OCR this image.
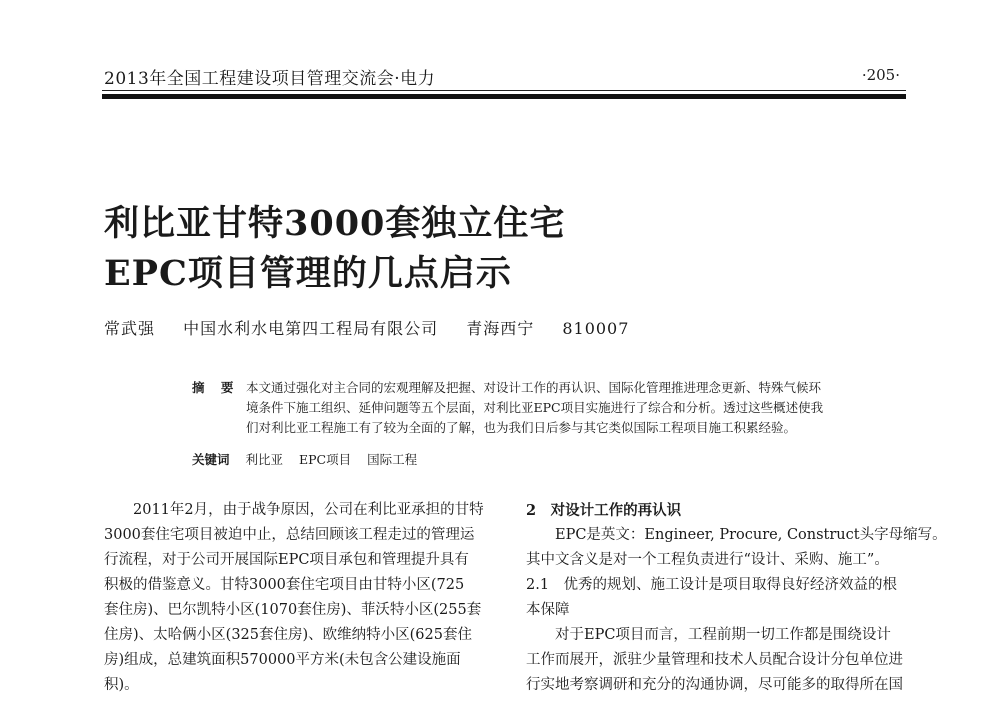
2013年全国工程建设项目管理交流会·电力	·205·
利比亚甘特3000套独立住宅
EPC项目管理的几点启示
常武强 中国水利水电第四工程局有限公司 青海西宁 810007
摘 要 本文通过强化对主合同的宏观理解及把握、对设计工作的再认识、国际化管理推进理念更新、特殊气候环
境条件下施工组织、延伸问题等五个层面，对利比亚EPC项目实施进行了综合和分析。透过这些概述使我
们对利比亚工程施工有了较为全面的了解，也为我们日后参与其它类似国际工程项目施工积累经验。
关键词 利比亚 EPC项目 国际工程
2011年2月，由于战争原因，公司在利比亚承担的甘特
3000套住宅项目被迫中止，总结回顾该工程走过的管理运
行流程，对于公司开展国际EPC项目承包和管理提升具有
积极的借鉴意义。甘特3000套住宅项目由甘特小区(725
套住房)、巴尔凯特小区(1070套住房)、菲沃特小区(255套
住房)、太哈俩小区(325套住房)、欧维纳特小区(625套住
房)组成，总建筑面积570000平方米(未包含公建设施面
积)。
2　对设计工作的再认识
EPC是英文：Engineer, Procure, Construct头字母缩写。
其中文含义是对一个工程负责进行“设计、采购、施工”。
2.1　优秀的规划、施工设计是项目取得良好经济效益的根
本保障
对于EPC项目而言，工程前期一切工作都是围绕设计
工作而展开，派驻少量管理和技术人员配合设计分包单位进
行实地考察调研和充分的沟通协调，尽可能多的取得所在国
